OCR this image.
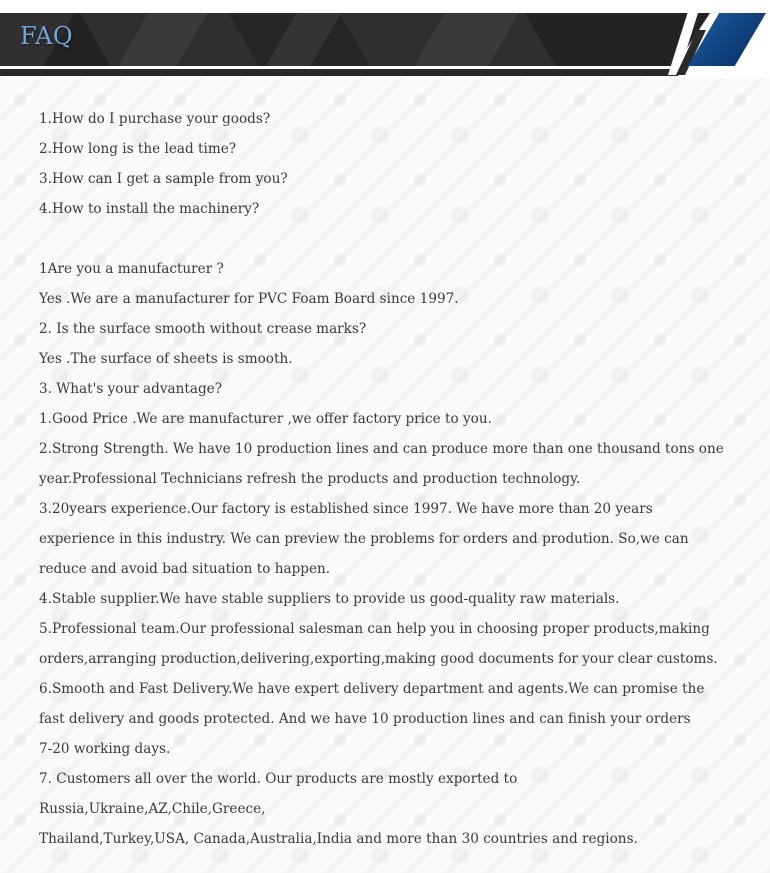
FAQ
1.How do I purchase your goods?
2.How long is the lead time?
3.How can I get a sample from you?
4.How to install the machinery?
1Are you a manufacturer ?
Yes .We are a manufacturer for PVC Foam Board since 1997.
2. Is the surface smooth without crease marks?
Yes .The surface of sheets is smooth.
3. What's your advantage?
1.Good Price .We are manufacturer ,we offer factory price to you.
2.Strong Strength. We have 10 production lines and can produce more than one thousand tons one
year.Professional Technicians refresh the products and production technology.
3.20years experience.Our factory is established since 1997. We have more than 20 years
experience in this industry. We can preview the problems for orders and prodution. So,we can
reduce and avoid bad situation to happen.
4.Stable supplier.We have stable suppliers to provide us good-quality raw materials.
5.Professional team.Our professional salesman can help you in choosing proper products,making
orders,arranging production,delivering,exporting,making good documents for your clear customs.
6.Smooth and Fast Delivery.We have expert delivery department and agents.We can promise the
fast delivery and goods protected. And we have 10 production lines and can finish your orders
7-20 working days.
7. Customers all over the world. Our products are mostly exported to
Russia,Ukraine,AZ,Chile,Greece,
Thailand,Turkey,USA, Canada,Australia,India and more than 30 countries and regions.
